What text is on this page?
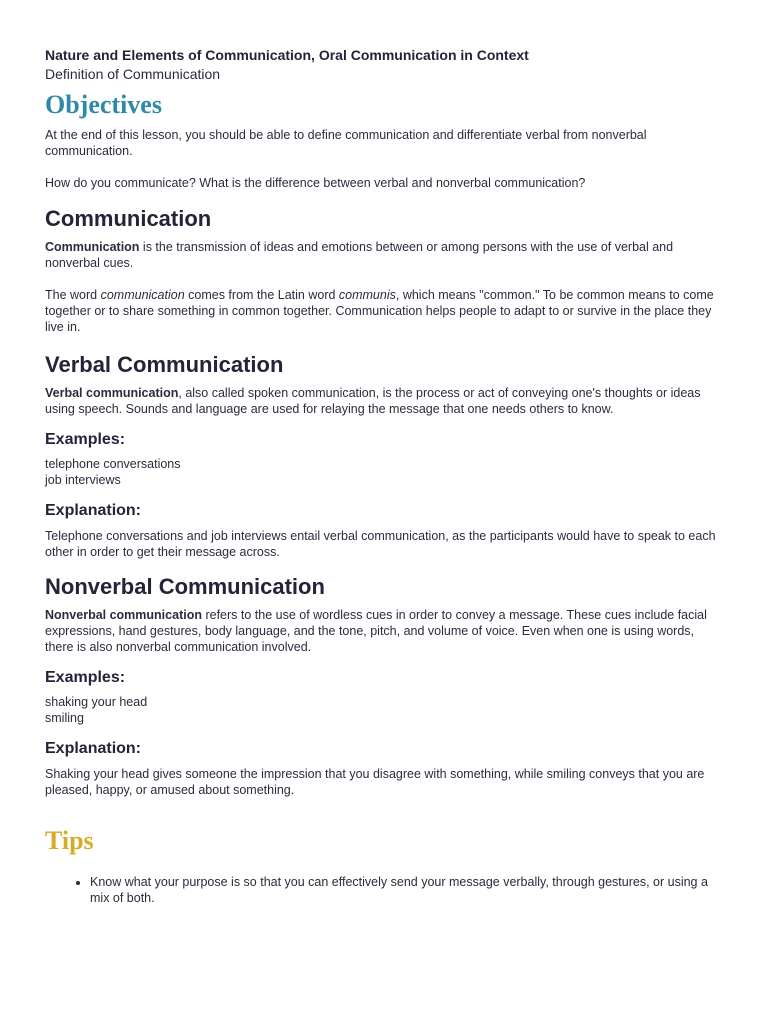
Nature and Elements of Communication, Oral Communication in Context

Definition of Communication

Objectives

At the end of this lesson, you should be able to define communication and differentiate verbal from nonverbal communication.

How do you communicate? What is the difference between verbal and nonverbal communication?

Communication

Communication is the transmission of ideas and emotions between or among persons with the use of verbal and nonverbal cues.

The word communication comes from the Latin word communis, which means "common." To be common means to come together or to share something in common together. Communication helps people to adapt to or survive in the place they live in.

Verbal Communication

Verbal communication, also called spoken communication, is the process or act of conveying one's thoughts or ideas using speech. Sounds and language are used for relaying the message that one needs others to know.

Examples:
telephone conversations
job interviews
Explanation:

Telephone conversations and job interviews entail verbal communication, as the participants would have to speak to each other in order to get their message across.

Nonverbal Communication

Nonverbal communication refers to the use of wordless cues in order to convey a message. These cues include facial expressions, hand gestures, body language, and the tone, pitch, and volume of voice. Even when one is using words, there is also nonverbal communication involved.

Examples:
shaking your head
smiling
Explanation:

Shaking your head gives someone the impression that you disagree with something, while smiling conveys that you are pleased, happy, or amused about something.

Tips
• Know what your purpose is so that you can effectively send your message verbally, through gestures, or using a mix of both.
